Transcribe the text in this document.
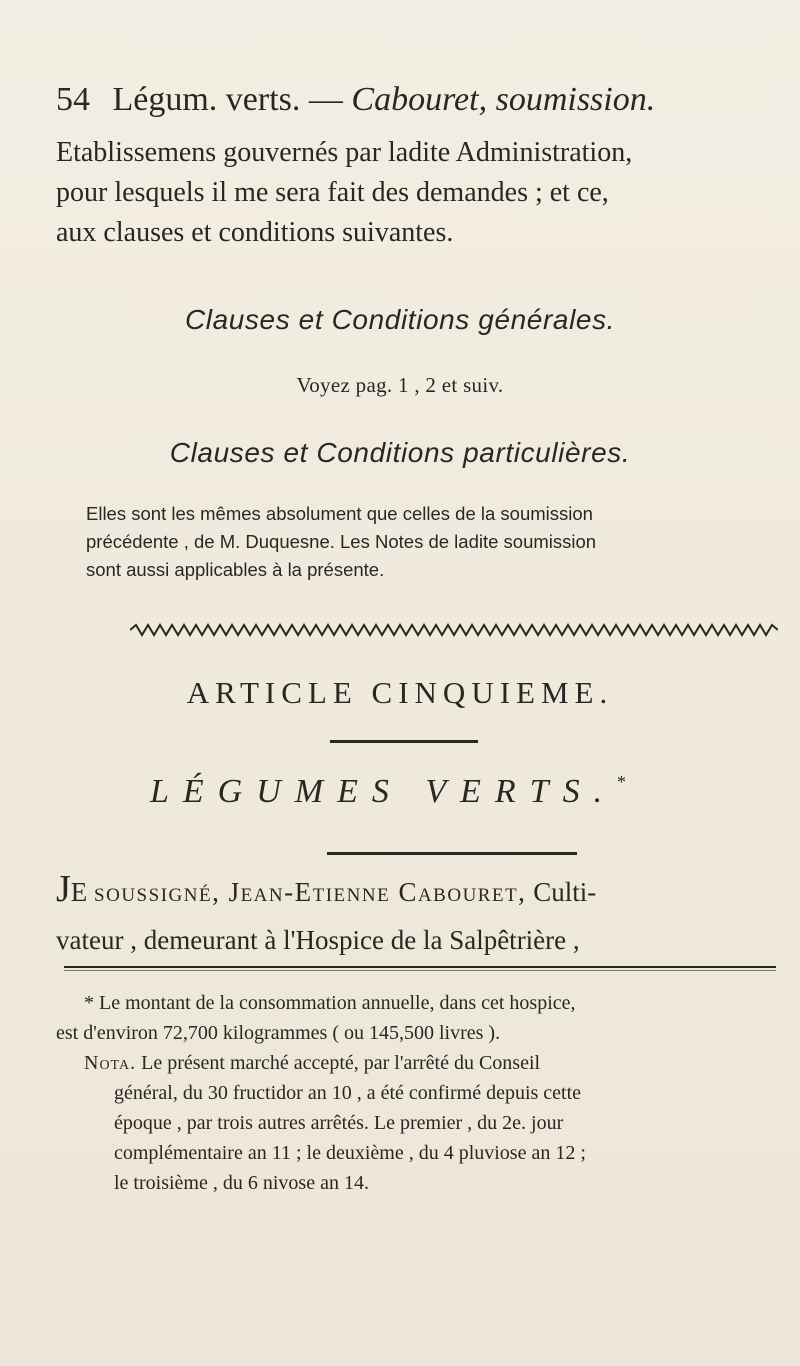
54 Légum. verts. — Cabouret, soumission.

Etablissemens gouvernés par ladite Administration,
pour lesquels il me sera fait des demandes ; et ce,
aux clauses et conditions suivantes.

Clauses et Conditions générales.
Voyez pag. 1 , 2 et suiv.
Clauses et Conditions particulières.

Elles sont les mêmes absolument que celles de la soumission
précédente , de M. Duquesne. Les Notes de ladite soumission
sont aussi applicables à la présente.

ARTICLE CINQUIEME.
LÉGUMES VERTS.*

JE soussigné, Jean-Etienne Cabouret, Culti-
vateur , demeurant à l'Hospice de la Salpêtrière ,

* Le montant de la consommation annuelle, dans cet hospice,
est d'environ 72,700 kilogrammes ( ou 145,500 livres ).
Nota. Le présent marché accepté, par l'arrêté du Conseil
général, du 30 fructidor an 10 , a été confirmé depuis cette
époque , par trois autres arrêtés. Le premier , du 2e. jour
complémentaire an 11 ; le deuxième , du 4 pluviose an 12 ;
le troisième , du 6 nivose an 14.
